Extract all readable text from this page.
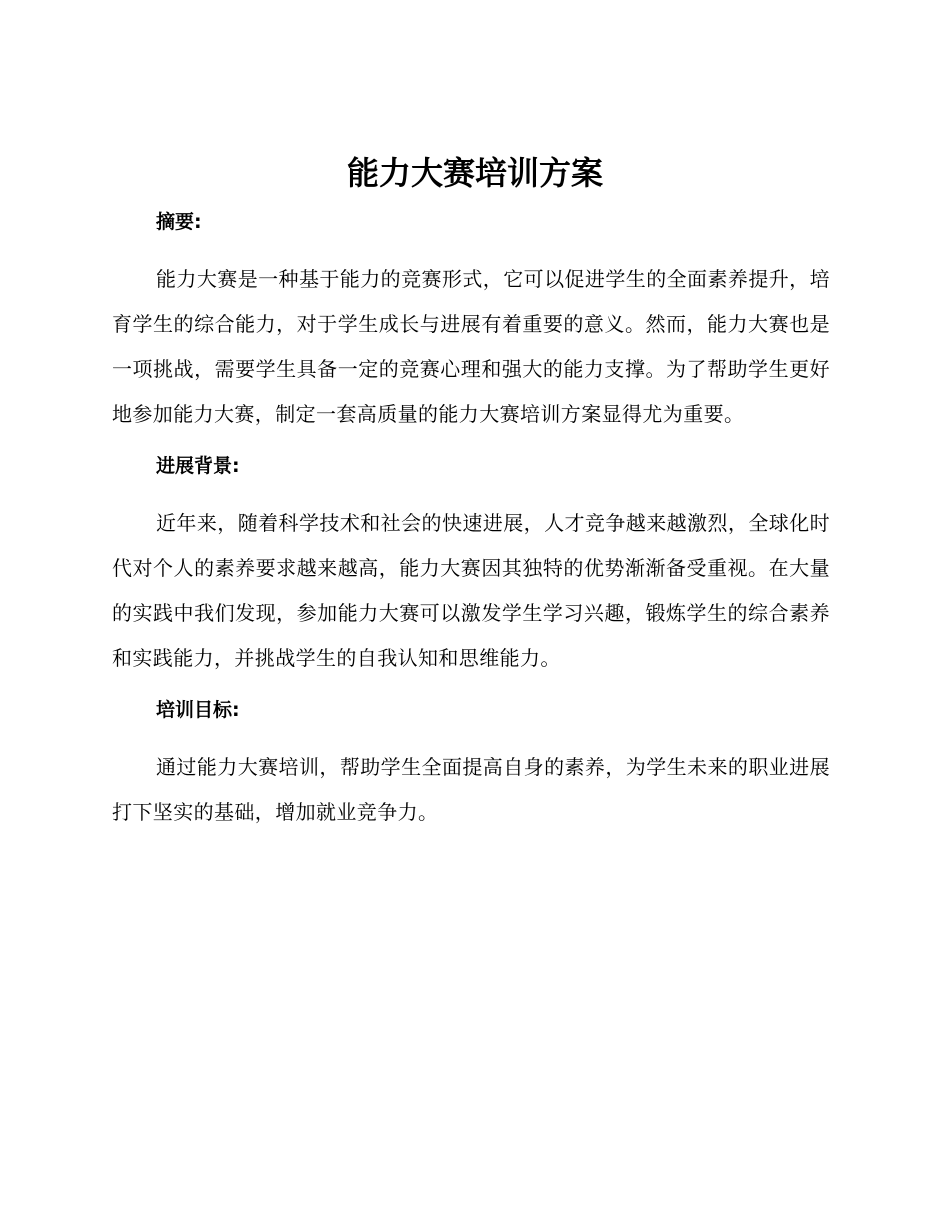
能力大赛培训方案

摘要:

能力大赛是一种基于能力的竞赛形式，它可以促进学生的全面素养提升，培育学生的综合能力，对于学生成长与进展有着重要的意义。然而，能力大赛也是一项挑战，需要学生具备一定的竞赛心理和强大的能力支撑。为了帮助学生更好地参加能力大赛，制定一套高质量的能力大赛培训方案显得尤为重要。

进展背景:

近年来，随着科学技术和社会的快速进展，人才竞争越来越激烈，全球化时代对个人的素养要求越来越高，能力大赛因其独特的优势渐渐备受重视。在大量的实践中我们发现，参加能力大赛可以激发学生学习兴趣，锻炼学生的综合素养和实践能力，并挑战学生的自我认知和思维能力。

培训目标:

通过能力大赛培训，帮助学生全面提高自身的素养，为学生未来的职业进展打下坚实的基础，增加就业竞争力。
